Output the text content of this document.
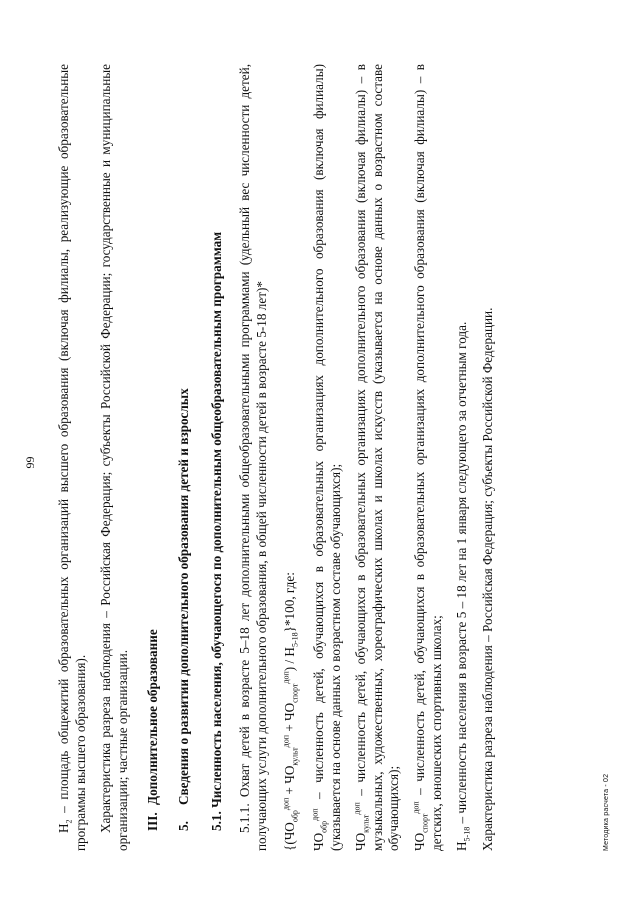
99

$Н_2$ – площадь общежитий образовательных организаций высшего образования (включая филиалы, реализующие образовательные программы высшего образования). Характеристика разреза наблюдения – Российская Федерация; субъекты Российской Федерации; государственные и муниципальные организации; частные организации. III.Дополнительное образование
5.Сведения о развитии дополнительного образования детей и взрослых 5.1. Численность населения, обучающегося по дополнительным общеобразовательным программам 5.1.1. Охват детей в возрасте 5–18 лет дополнительными общеобразовательными программами (удельный вес численности детей, получающих услуги дополнительного образования, в общей численности детей в возрасте 5-18 лет)* $\{(ЧО_{обр}^{доп} + ЧО_{культ}^{доп} + ЧО_{спорт}^{доп}) / Н_{5-18}\}*100$, где:

$ЧО_{обр}^{доп}$ – численность детей, обучающихся в образовательных организациях дополнительного образования (включая филиалы) (указывается на основе данных о возрастном составе обучающихся); $ЧО_{культ}^{доп}$ – численность детей, обучающихся в образовательных организациях дополнительного образования (включая филиалы) – в музыкальных, художественных, хореографических школах и школах искусств (указывается на основе данных о возрастном составе обучающихся); $ЧО_{спорт}^{доп}$ – численность детей, обучающихся в образовательных организациях дополнительного образования (включая филиалы) – в детских, юношеских спортивных школах; $Н_{5-18}$ – численность населения в возрасте 5 – 18 лет на 1 января следующего за отчетным года. Характеристика разреза наблюдения – Российская Федерация; субъекты Российской Федерации.	Методика расчета - 02
